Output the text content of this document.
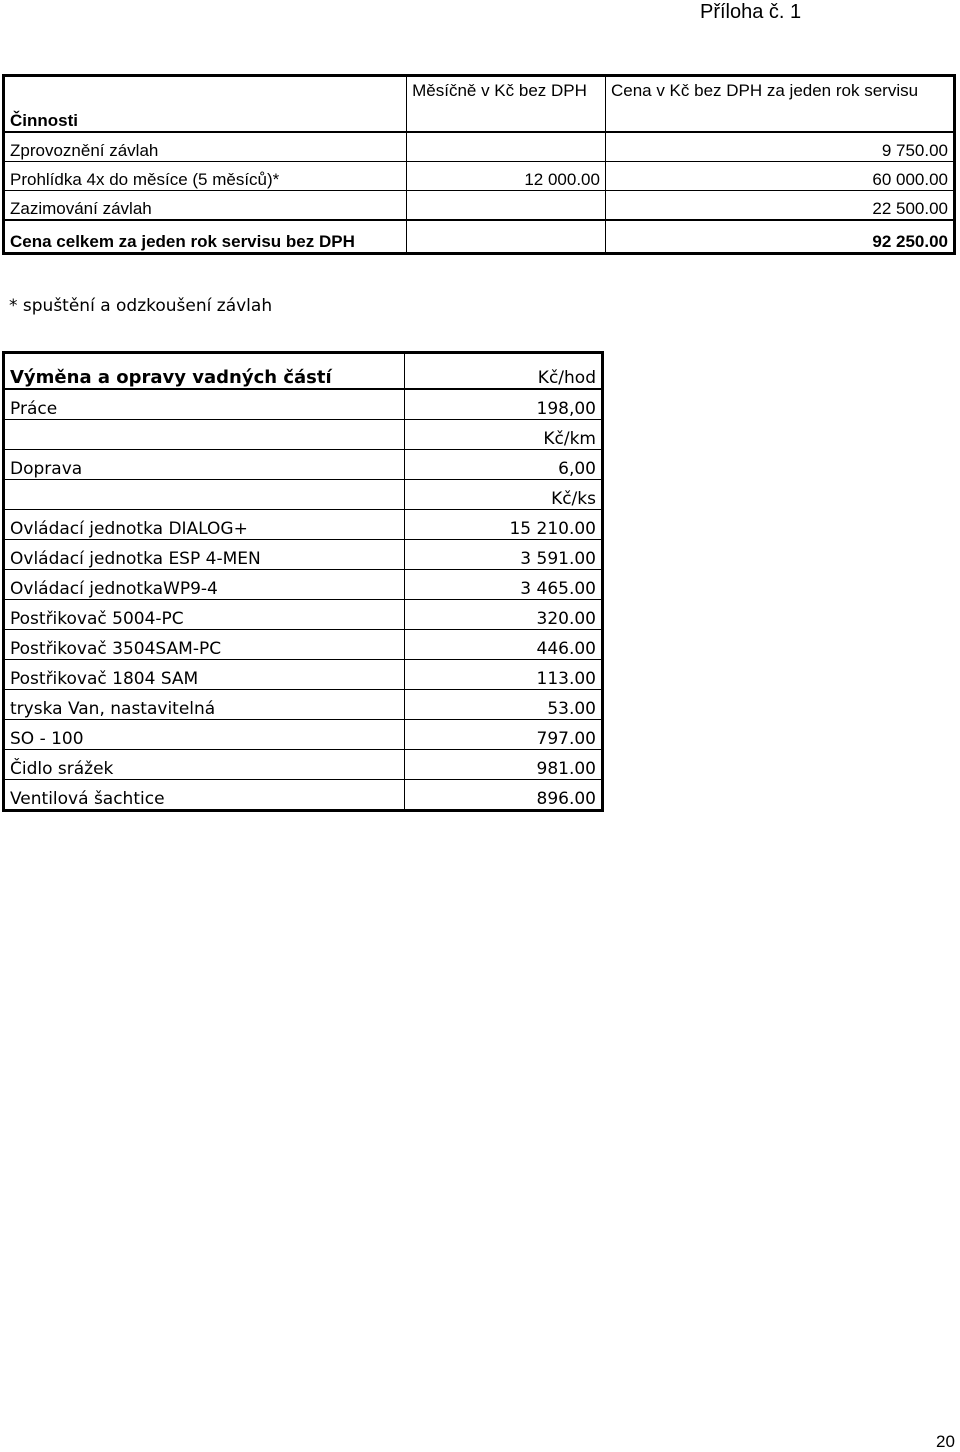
Příloha č. 1
Činnosti	Měsíčně v Kč bez DPH	Cena v Kč bez DPH za jeden rok servisu
Zprovoznění závlah		9 750.00
Prohlídka 4x do měsíce (5 měsíců)*	12 000.00	60 000.00
Zazimování závlah		22 500.00
Cena celkem za jeden rok servisu bez DPH		92 250.00
* spuštění a odzkoušení závlah
Výměna a opravy vadných částí	Kč/hod
Práce	198,00
	Kč/km
Doprava	6,00
	Kč/ks
Ovládací jednotka DIALOG+	15 210.00
Ovládací jednotka ESP 4-MEN	3 591.00
Ovládací jednotkaWP9-4	3 465.00
Postřikovač 5004-PC	320.00
Postřikovač 3504SAM-PC	446.00
Postřikovač 1804 SAM	113.00
tryska Van, nastavitelná	53.00
SO - 100	797.00
Čidlo srážek	981.00
Ventilová šachtice	896.00
20
